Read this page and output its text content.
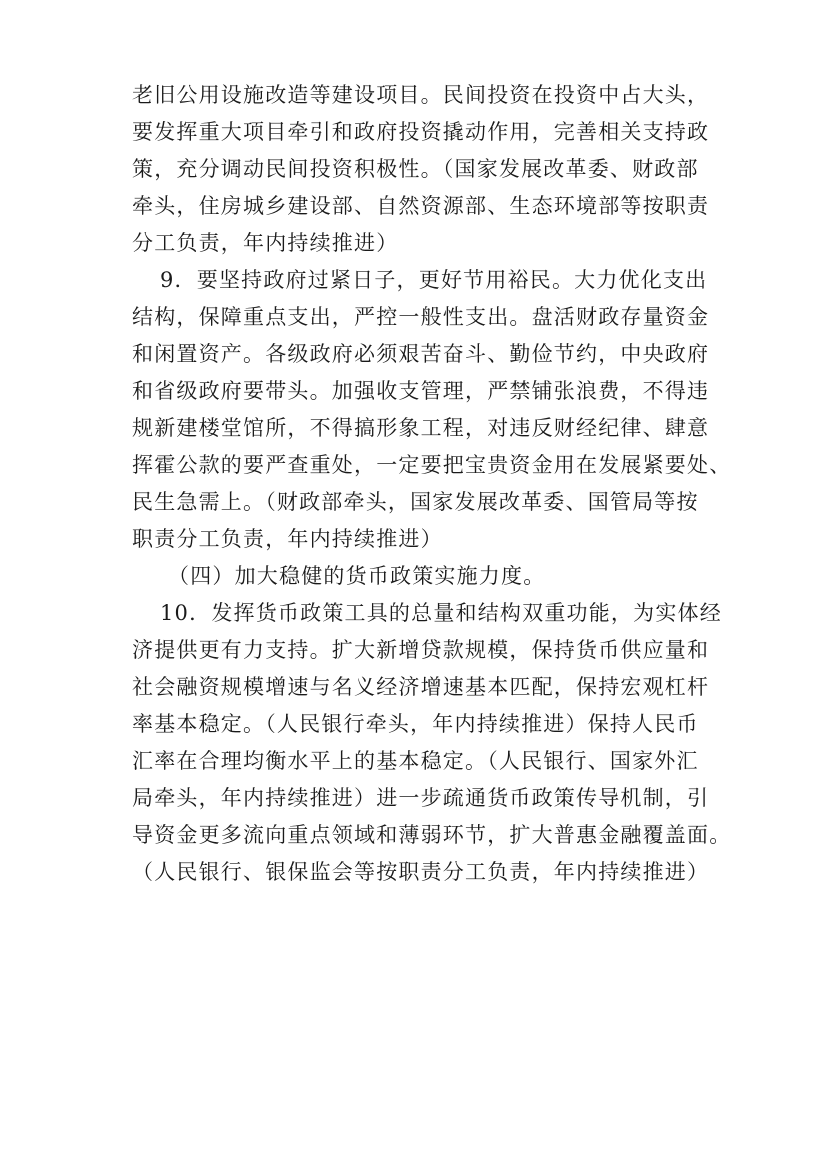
老旧公用设施改造等建设项目。民间投资在投资中占大头，
要发挥重大项目牵引和政府投资撬动作用，完善相关支持政
策，充分调动民间投资积极性。（国家发展改革委、财政部
牵头，住房城乡建设部、自然资源部、生态环境部等按职责
分工负责，年内持续推进）
9．要坚持政府过紧日子，更好节用裕民。大力优化支出
结构，保障重点支出，严控一般性支出。盘活财政存量资金
和闲置资产。各级政府必须艰苦奋斗、勤俭节约，中央政府
和省级政府要带头。加强收支管理，严禁铺张浪费，不得违
规新建楼堂馆所，不得搞形象工程，对违反财经纪律、肆意
挥霍公款的要严查重处，一定要把宝贵资金用在发展紧要处、
民生急需上。（财政部牵头，国家发展改革委、国管局等按
职责分工负责，年内持续推进）
（四）加大稳健的货币政策实施力度。
10．发挥货币政策工具的总量和结构双重功能，为实体经
济提供更有力支持。扩大新增贷款规模，保持货币供应量和
社会融资规模增速与名义经济增速基本匹配，保持宏观杠杆
率基本稳定。（人民银行牵头，年内持续推进）保持人民币
汇率在合理均衡水平上的基本稳定。（人民银行、国家外汇
局牵头，年内持续推进）进一步疏通货币政策传导机制，引
导资金更多流向重点领域和薄弱环节，扩大普惠金融覆盖面。
（人民银行、银保监会等按职责分工负责，年内持续推进）
